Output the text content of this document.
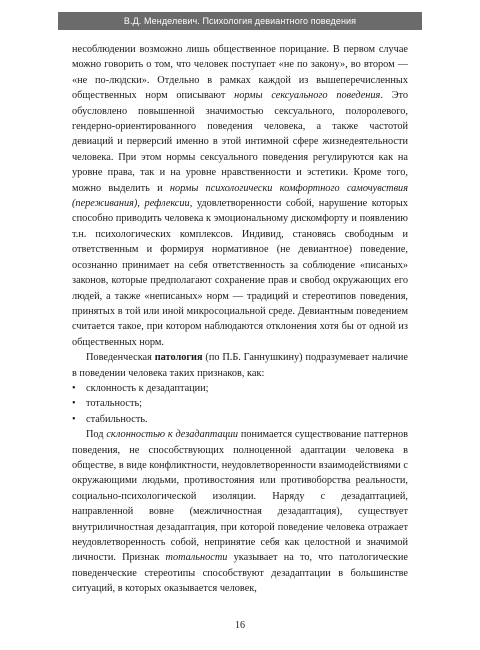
В.Д. Менделевич. Психология девиантного поведения

несоблюдении возможно лишь общественное порицание. В первом случае можно говорить о том, что человек поступает «не по закону», во втором — «не по-людски». Отдельно в рамках каждой из вышеперечисленных общественных норм описывают нормы сексуального поведения. Это обусловлено повышенной значимостью сексуального, полоролевого, гендерно-ориентированного поведения человека, а также частотой девиаций и перверсий именно в этой интимной сфере жизнедеятельности человека. При этом нормы сексуального поведения регулируются как на уровне права, так и на уровне нравственности и эстетики. Кроме того, можно выделить и нормы психологически комфортного самочувствия (переживания), рефлексии, удовлетворенности собой, нарушение которых способно приводить человека к эмоциональному дискомфорту и появлению т.н. психологических комплексов. Индивид, становясь свободным и ответственным и формируя нормативное (не девиантное) поведение, осознанно принимает на себя ответственность за соблюдение «писаных» законов, которые предполагают сохранение прав и свобод окружающих его людей, а также «неписаных» норм — традиций и стереотипов поведения, принятых в той или иной микросоциальной среде. Девиантным поведением считается такое, при котором наблюдаются отклонения хотя бы от одной из общественных норм.

Поведенческая патология (по П.Б. Ганнушкину) подразумевает наличие в поведении человека таких признаков, как:

• склонность к дезадаптации;
• тотальность;
• стабильность.

Под склонностью к дезадаптации понимается существование паттернов поведения, не способствующих полноценной адаптации человека в обществе, в виде конфликтности, неудовлетворенности взаимодействиями с окружающими людьми, противостояния или противоборства реальности, социально-психологической изоляции. Наряду с дезадаптацией, направленной вовне (межличностная дезадаптация), существует внутриличностная дезадаптация, при которой поведение человека отражает неудовлетворенность собой, непринятие себя как целостной и значимой личности. Признак тотальности указывает на то, что патологические поведенческие стереотипы способствуют дезадаптации в большинстве ситуаций, в которых оказывается человек,

16
